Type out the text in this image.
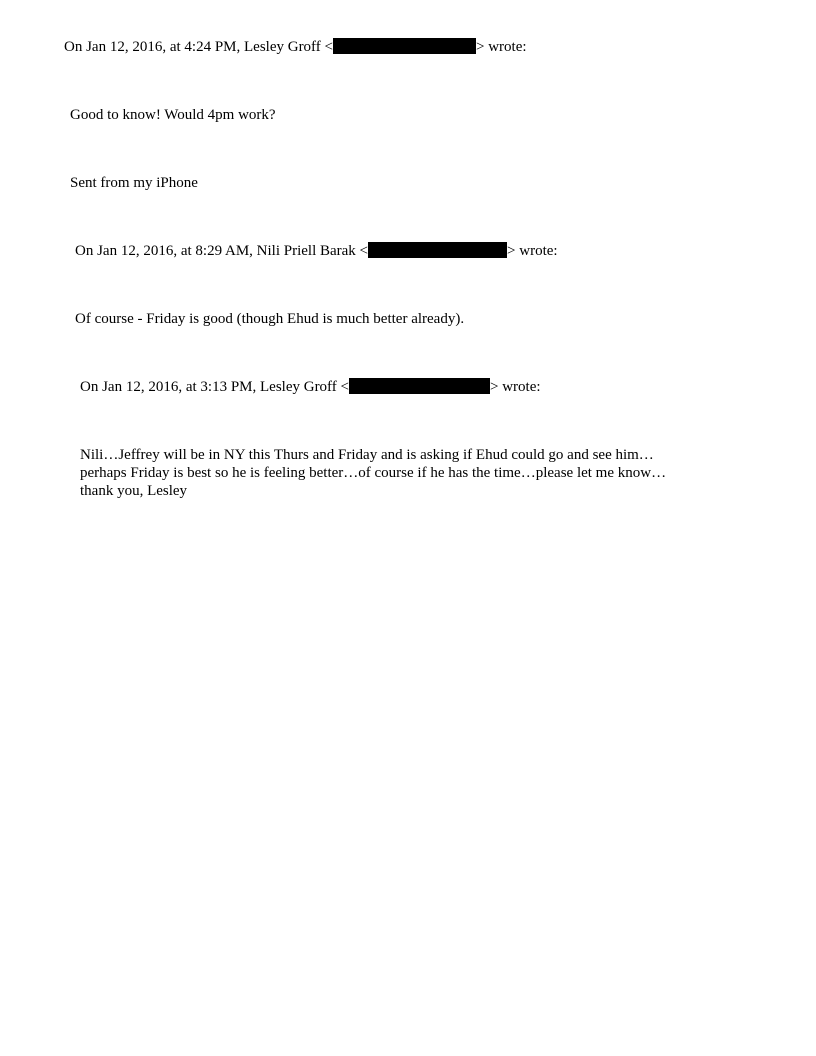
On Jan 12, 2016, at 4:24 PM, Lesley Groff <	> wrote:
Good to know! Would 4pm work?
Sent from my iPhone
On Jan 12, 2016, at 8:29 AM, Nili Priell Barak <	> wrote:
Of course - Friday is good (though Ehud is much better already).
On Jan 12, 2016, at 3:13 PM, Lesley Groff <	> wrote:
Nili…Jeffrey will be in NY this Thurs and Friday and is asking if Ehud could go and see him…
perhaps Friday is best so he is feeling better…of course if he has the time…please let me know…
thank you, Lesley
